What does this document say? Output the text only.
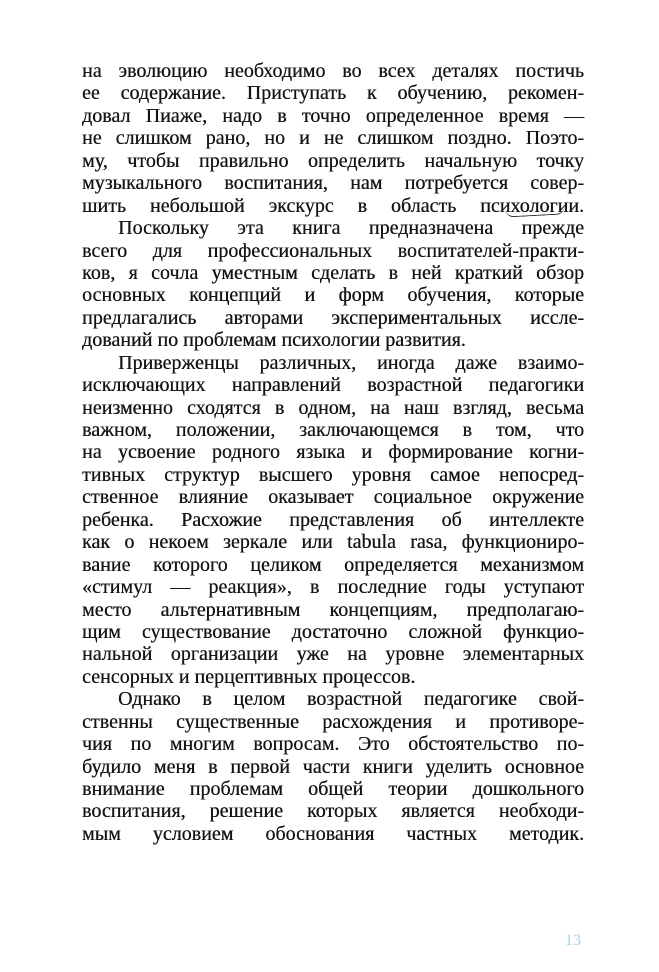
на эволюцию необходимо во всех деталях постичь
ее содержание. Приступать к обучению, рекомен-
довал Пиаже, надо в точно определенное время —
не слишком рано, но и не слишком поздно. Поэто-
му, чтобы правильно определить начальную точку
музыкального воспитания, нам потребуется совер-
шить небольшой экскурс в область психологии.
Поскольку эта книга предназначена прежде
всего для профессиональных воспитателей-практи-
ков, я сочла уместным сделать в ней краткий обзор
основных концепций и форм обучения, которые
предлагались авторами экспериментальных иссле-
дований по проблемам психологии развития.
Приверженцы различных, иногда даже взаимо-
исключающих направлений возрастной педагогики
неизменно сходятся в одном, на наш взгляд, весьма
важном, положении, заключающемся в том, что
на усвоение родного языка и формирование когни-
тивных структур высшего уровня самое непосред-
ственное влияние оказывает социальное окружение
ребенка. Расхожие представления об интеллекте
как о некоем зеркале или tabula rasa, функциониро-
вание которого целиком определяется механизмом
«стимул — реакция», в последние годы уступают
место альтернативным концепциям, предполагаю-
щим существование достаточно сложной функцио-
нальной организации уже на уровне элементарных
сенсорных и перцептивных процессов.
Однако в целом возрастной педагогике свой-
ственны существенные расхождения и противоре-
чия по многим вопросам. Это обстоятельство по-
будило меня в первой части книги уделить основное
внимание проблемам общей теории дошкольного
воспитания, решение которых является необходи-
мым условием обоснования частных методик.
13
